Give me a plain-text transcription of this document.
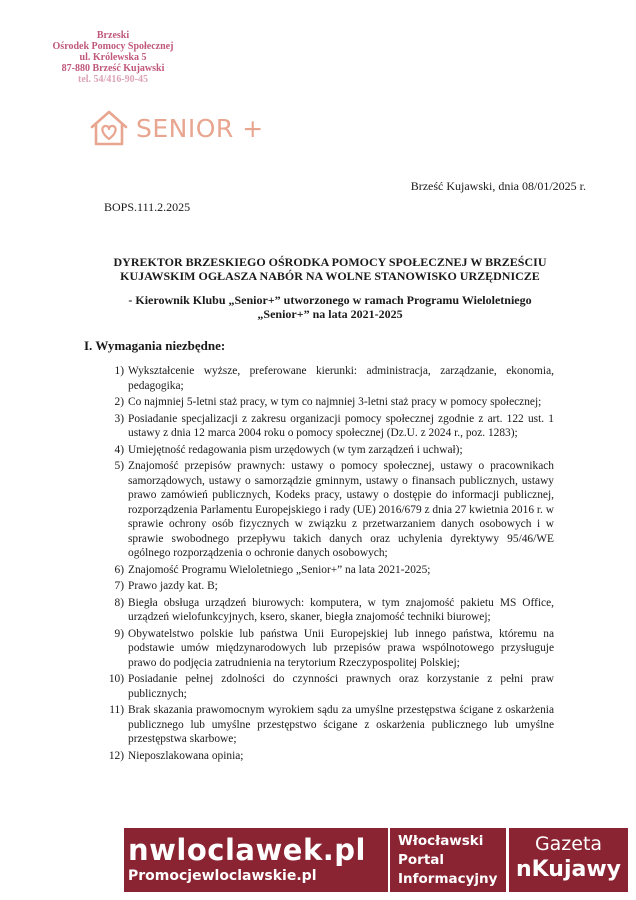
Brzeski
Ośrodek Pomocy Społecznej
ul. Królewska 5
87-880 Brześć Kujawski
tel. 54/416-90-45
SENIOR +
Brześć Kujawski, dnia 08/01/2025 r.
BOPS.111.2.2025
DYREKTOR BRZESKIEGO OŚRODKA POMOCY SPOŁECZNEJ W BRZEŚCIU
KUJAWSKIM OGŁASZA NABÓR NA WOLNE STANOWISKO URZĘDNICZE
- Kierownik Klubu „Senior+” utworzonego w ramach Programu Wieloletniego
„Senior+” na lata 2021-2025
I. Wymagania niezbędne:
1) Wykształcenie wyższe, preferowane kierunki: administracja, zarządzanie, ekonomia, pedagogika;
2) Co najmniej 5-letni staż pracy, w tym co najmniej 3-letni staż pracy w pomocy społecznej;
3) Posiadanie specjalizacji z zakresu organizacji pomocy społecznej zgodnie z art. 122 ust. 1 ustawy z dnia 12 marca 2004 roku o pomocy społecznej (Dz.U. z 2024 r., poz. 1283);
4) Umiejętność redagowania pism urzędowych (w tym zarządzeń i uchwał);
5) Znajomość przepisów prawnych: ustawy o pomocy społecznej, ustawy o pracownikach samorządowych, ustawy o samorządzie gminnym, ustawy o finansach publicznych, ustawy prawo zamówień publicznych, Kodeks pracy, ustawy o dostępie do informacji publicznej, rozporządzenia Parlamentu Europejskiego i rady (UE) 2016/679 z dnia 27 kwietnia 2016 r. w sprawie ochrony osób fizycznych w związku z przetwarzaniem danych osobowych i w sprawie swobodnego przepływu takich danych oraz uchylenia dyrektywy 95/46/WE ogólnego rozporządzenia o ochronie danych osobowych;
6) Znajomość Programu Wieloletniego „Senior+” na lata 2021-2025;
7) Prawo jazdy kat. B;
8) Biegła obsługa urządzeń biurowych: komputera, w tym znajomość pakietu MS Office, urządzeń wielofunkcyjnych, ksero, skaner, biegła znajomość techniki biurowej;
9) Obywatelstwo polskie lub państwa Unii Europejskiej lub innego państwa, któremu na podstawie umów międzynarodowych lub przepisów prawa wspólnotowego przysługuje prawo do podjęcia zatrudnienia na terytorium Rzeczypospolitej Polskiej;
10) Posiadanie pełnej zdolności do czynności prawnych oraz korzystanie z pełni praw publicznych;
11) Brak skazania prawomocnym wyrokiem sądu za umyślne przestępstwa ścigane z oskarżenia publicznego lub umyślne przestępstwo ścigane z oskarżenia publicznego lub umyślne przestępstwa skarbowe;
12) Nieposzlakowana opinia;
nwloclawek.pl
Promocjewloclawskie.pl
Włocławski
Portal
Informacyjny
Gazeta
nKujawy
